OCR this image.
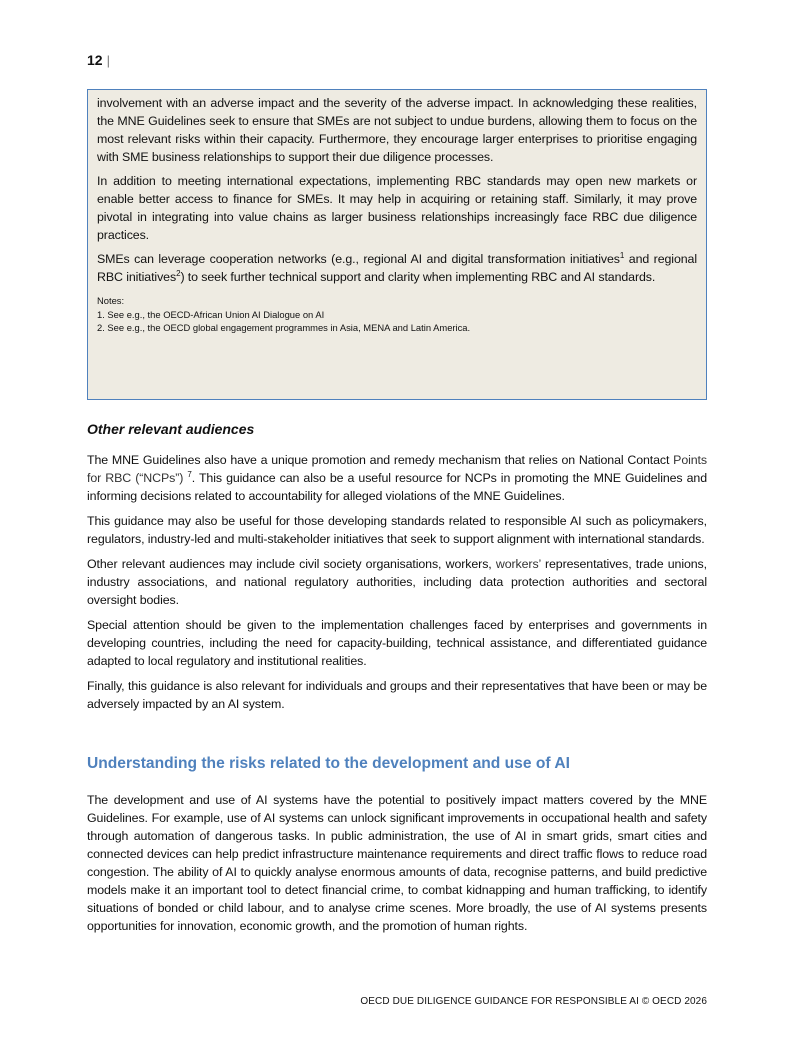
12 |

involvement with an adverse impact and the severity of the adverse impact. In acknowledging these realities, the MNE Guidelines seek to ensure that SMEs are not subject to undue burdens, allowing them to focus on the most relevant risks within their capacity. Furthermore, they encourage larger enterprises to prioritise engaging with SME business relationships to support their due diligence processes.

In addition to meeting international expectations, implementing RBC standards may open new markets or enable better access to finance for SMEs. It may help in acquiring or retaining staff. Similarly, it may prove pivotal in integrating into value chains as larger business relationships increasingly face RBC due diligence practices.

SMEs can leverage cooperation networks (e.g., regional AI and digital transformation initiatives$^1$ and regional RBC initiatives$^2$) to seek further technical support and clarity when implementing RBC and AI standards.

Notes:
1. See e.g., the OECD-African Union AI Dialogue on AI
2. See e.g., the OECD global engagement programmes in Asia, MENA and Latin America.
Other relevant audiences

The MNE Guidelines also have a unique promotion and remedy mechanism that relies on National Contact Points for RBC (“NCPs”) $^7$. This guidance can also be a useful resource for NCPs in promoting the MNE Guidelines and informing decisions related to accountability for alleged violations of the MNE Guidelines.

This guidance may also be useful for those developing standards related to responsible AI such as policymakers, regulators, industry-led and multi-stakeholder initiatives that seek to support alignment with international standards.

Other relevant audiences may include civil society organisations, workers, workers’ representatives, trade unions, industry associations, and national regulatory authorities, including data protection authorities and sectoral oversight bodies.

Special attention should be given to the implementation challenges faced by enterprises and governments in developing countries, including the need for capacity-building, technical assistance, and differentiated guidance adapted to local regulatory and institutional realities.

Finally, this guidance is also relevant for individuals and groups and their representatives that have been or may be adversely impacted by an AI system.

Understanding the risks related to the development and use of AI

The development and use of AI systems have the potential to positively impact matters covered by the MNE Guidelines. For example, use of AI systems can unlock significant improvements in occupational health and safety through automation of dangerous tasks. In public administration, the use of AI in smart grids, smart cities and connected devices can help predict infrastructure maintenance requirements and direct traffic flows to reduce road congestion. The ability of AI to quickly analyse enormous amounts of data, recognise patterns, and build predictive models make it an important tool to detect financial crime, to combat kidnapping and human trafficking, to identify situations of bonded or child labour, and to analyse crime scenes. More broadly, the use of AI systems presents opportunities for innovation, economic growth, and the promotion of human rights.

OECD DUE DILIGENCE GUIDANCE FOR RESPONSIBLE AI © OECD 2026
